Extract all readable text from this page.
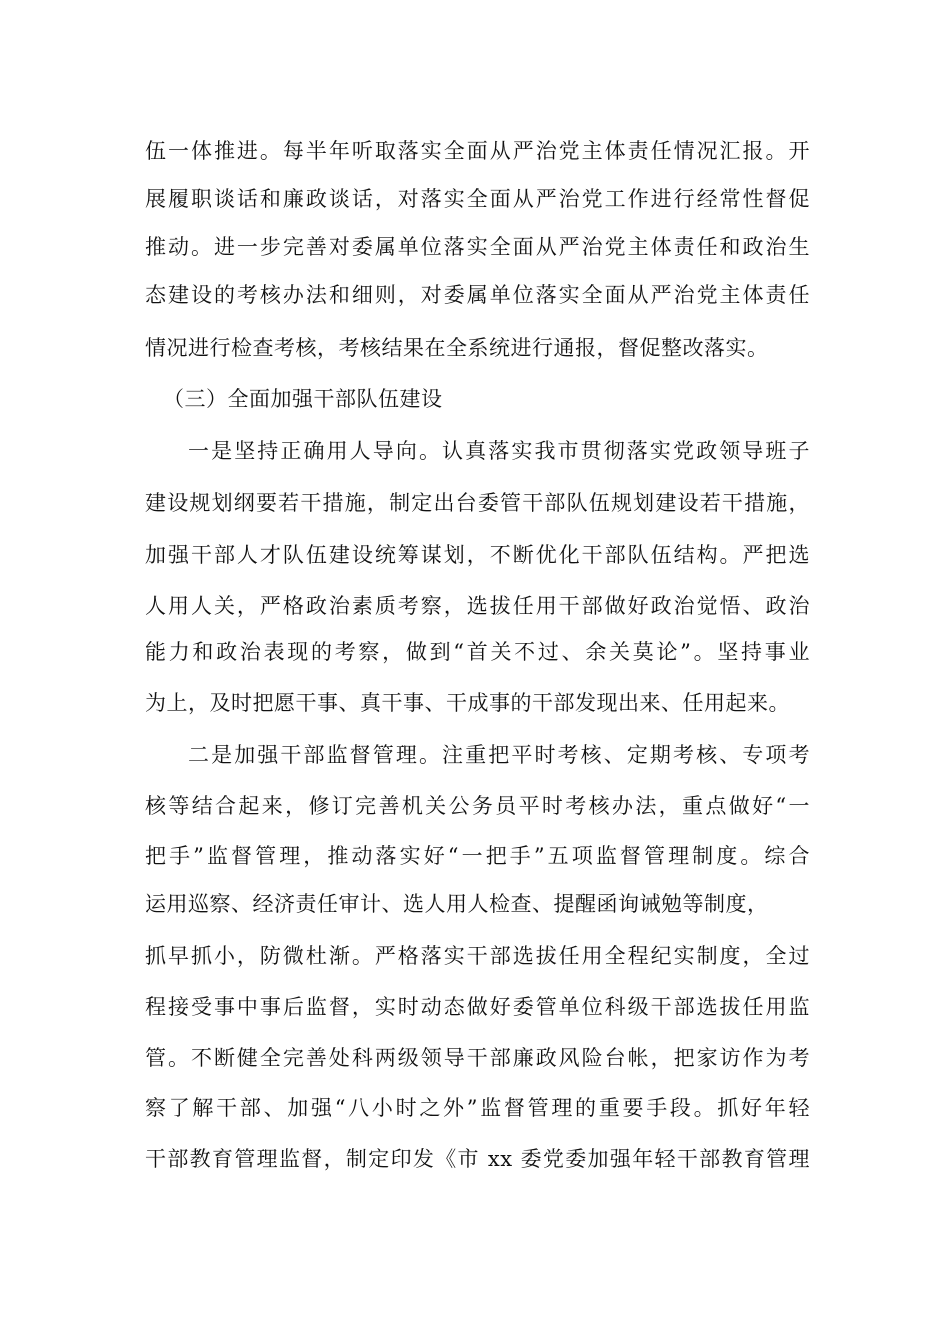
伍一体推进。每半年听取落实全面从严治党主体责任情况汇报。开
展履职谈话和廉政谈话，对落实全面从严治党工作进行经常性督促
推动。进一步完善对委属单位落实全面从严治党主体责任和政治生
态建设的考核办法和细则，对委属单位落实全面从严治党主体责任
情况进行检查考核，考核结果在全系统进行通报，督促整改落实。
（三）全面加强干部队伍建设
一是坚持正确用人导向。认真落实我市贯彻落实党政领导班子
建设规划纲要若干措施，制定出台委管干部队伍规划建设若干措施，
加强干部人才队伍建设统筹谋划，不断优化干部队伍结构。严把选
人用人关，严格政治素质考察，选拔任用干部做好政治觉悟、政治
能力和政治表现的考察，做到“首关不过、余关莫论”。坚持事业
为上，及时把愿干事、真干事、干成事的干部发现出来、任用起来。
二是加强干部监督管理。注重把平时考核、定期考核、专项考
核等结合起来，修订完善机关公务员平时考核办法，重点做好“一
把手”监督管理，推动落实好“一把手”五项监督管理制度。综合
运用巡察、经济责任审计、选人用人检查、提醒函询诫勉等制度，
抓早抓小，防微杜渐。严格落实干部选拔任用全程纪实制度，全过
程接受事中事后监督，实时动态做好委管单位科级干部选拔任用监
管。不断健全完善处科两级领导干部廉政风险台帐，把家访作为考
察了解干部、加强“八小时之外”监督管理的重要手段。抓好年轻
干部教育管理监督，制定印发《市 xx 委党委加强年轻干部教育管理
